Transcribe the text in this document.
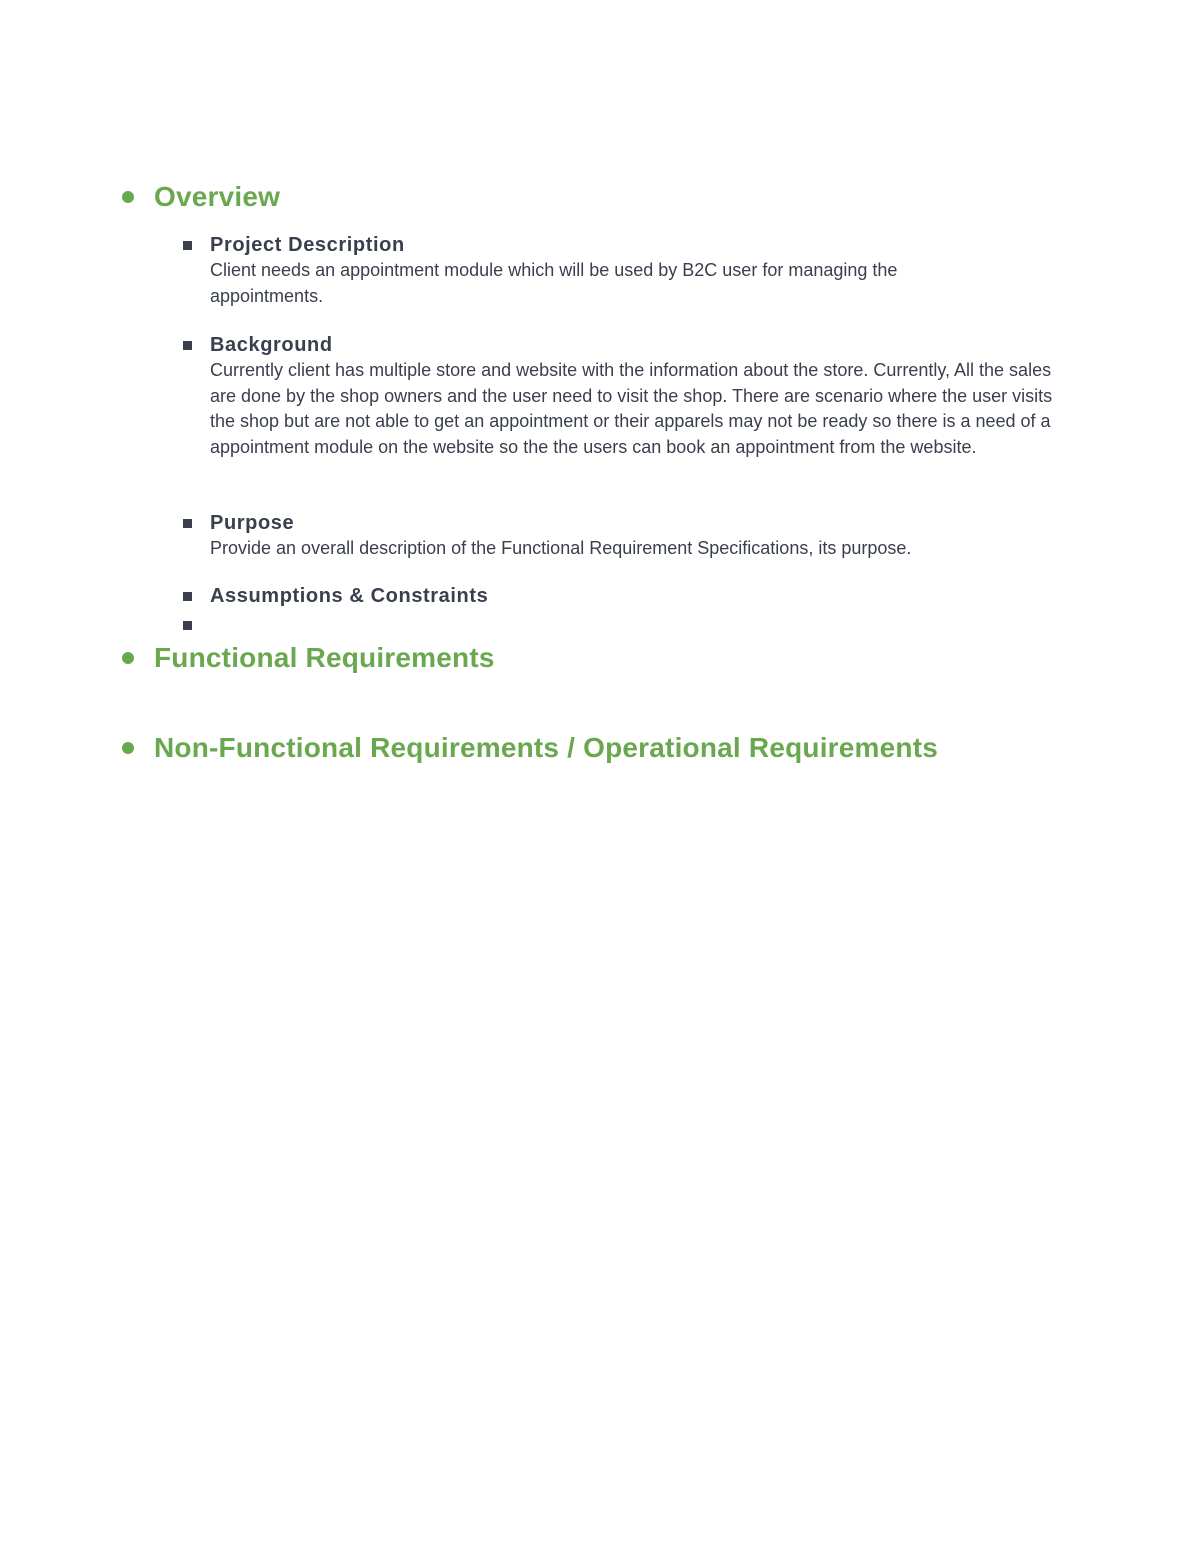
Overview
Project Description
Client needs an appointment module which will be used by B2C user for managing the appointments.
Background
Currently client has multiple store and website with the information about the store. Currently, All the sales are done by the shop owners and the user need to visit the shop. There are scenario where the user visits the shop but are not able to get an appointment or their apparels may not be ready so there is a need of a appointment module on the website so the the users can book an appointment from the website.
Purpose
Provide an overall description of the Functional Requirement Specifications, its purpose.
Assumptions & Constraints
Functional Requirements
Non-Functional Requirements / Operational Requirements
